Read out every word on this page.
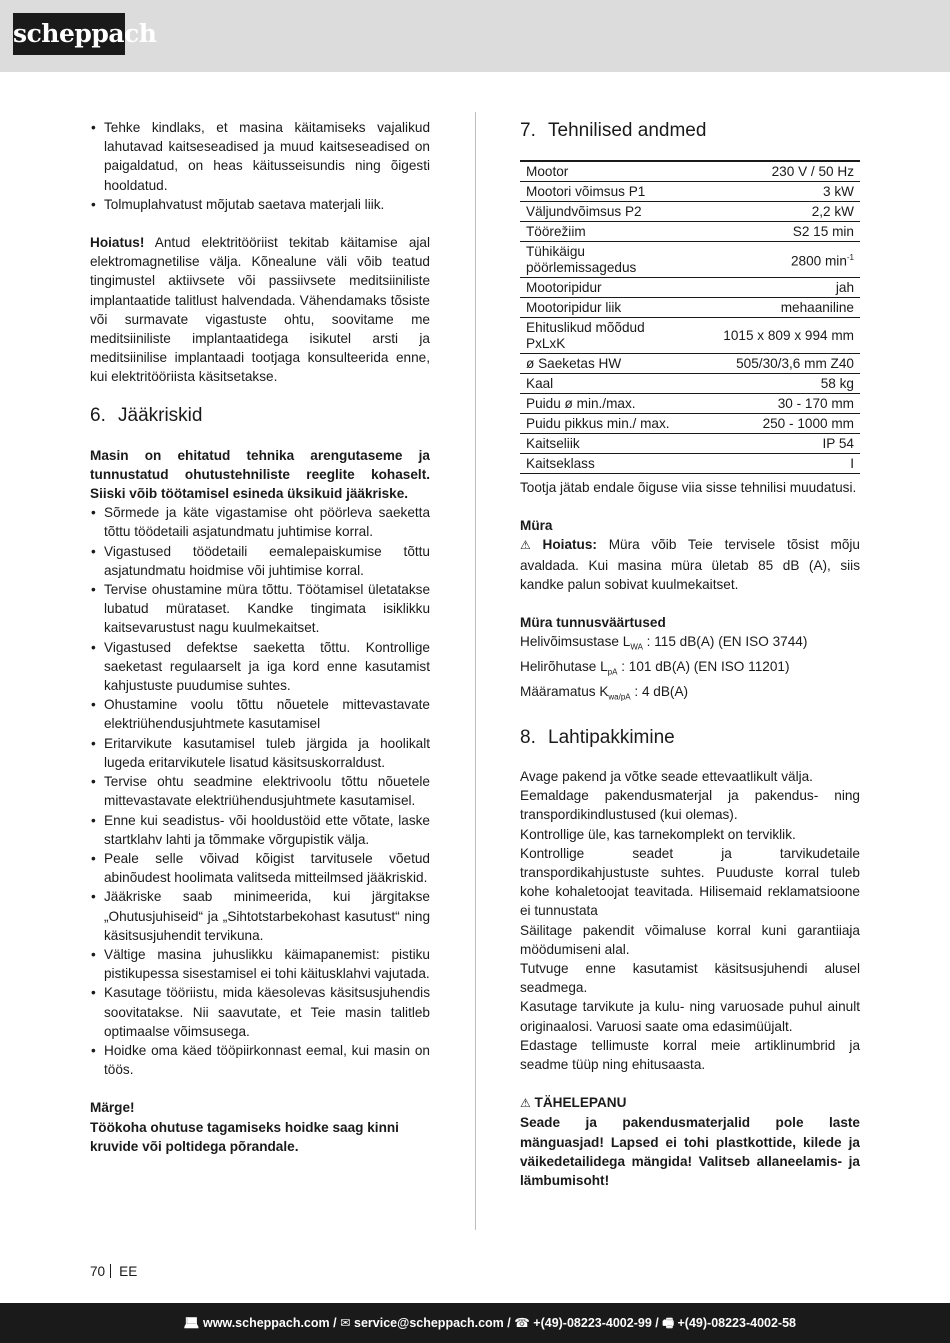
scheppach
• Tehke kindlaks, et masina käitamiseks vajalikud lahutavad kaitseseadised ja muud kaitseseadised on paigaldatud, on heas käitusseisundis ning õigesti hooldatud.
• Tolmuplahvatust mõjutab saetava materjali liik.

Hoiatus! Antud elektritööriist tekitab käitamise ajal elektromagnetilise välja. Kõnealune väli võib teatud tingimustel aktiivsete või passiivsete meditsiiniliste implantaatide talitlust halvendada. Vähendamaks tõsiste või surmavate vigastuste ohtu, soovitame me meditsiiniliste implantaatidega isikutel arsti ja meditsiinilise implantaadi tootjaga konsulteerida enne, kui elektritööriista käsitsetakse.

6. Jääkriskid

Masin on ehitatud tehnika arengutaseme ja tunnustatud ohutustehniliste reeglite kohaselt. Siiski võib töötamisel esineda üksikuid jääkriske.

• Sõrmede ja käte vigastamise oht pöörleva saeketta tõttu töödetaili asjatundmatu juhtimise korral.
• Vigastused töödetaili eemalepaiskumise tõttu asjatundmatu hoidmise või juhtimise korral.
• Tervise ohustamine müra tõttu. Töötamisel ületatakse lubatud mürataset. Kandke tingimata isiklikku kaitsevarustust nagu kuulmekaitset.
• Vigastused defektse saeketta tõttu. Kontrollige saeketast regulaarselt ja iga kord enne kasutamist kahjustuste puudumise suhtes.
• Ohustamine voolu tõttu nõuetele mittevastavate elektriühendusjuhtmete kasutamisel
• Eritarvikute kasutamisel tuleb järgida ja hoolikalt lugeda eritarvikutele lisatud käsitsuskorraldust.
• Tervise ohtu seadmine elektrivoolu tõttu nõuetele mittevastavate elektriühendusjuhtmete kasutamisel.
• Enne kui seadistus- või hooldustöid ette võtate, laske startklahv lahti ja tõmmake võrgupistik välja.
• Peale selle võivad kõigist tarvitusele võetud abinõudest hoolimata valitseda mitteilmsed jääkriskid.
• Jääkriske saab minimeerida, kui järgitakse „Ohutusjuhiseid“ ja „Sihtotstarbekohast kasutust“ ning käsitsusjuhendit tervikuna.
• Vältige masina juhuslikku käimapanemist: pistiku pistikupessa sisestamisel ei tohi käitusklahvi vajutada.
• Kasutage tööriistu, mida käesolevas käsitsusjuhendis soovitatakse. Nii saavutate, et Teie masin talitleb optimaalse võimsusega.
• Hoidke oma käed tööpiirkonnast eemal, kui masin on töös.

Märge!

Töökoha ohutuse tagamiseks hoidke saag kinni kruvide või poltidega põrandale.

7. Tehnilised andmed
Mootor	230 V / 50 Hz
Mootori võimsus P1	3 kW
Väljundvõimsus P2	2,2 kW
Töörežiim	S2 15 min
Tühikäigu pöörlemissagedus	2800 $\min^{-1}$
Mootoripidur	jah
Mootoripidur liik	mehaaniline
Ehituslikud mõõdud PxLxK	1015 x 809 x 994 mm
ø Saeketas HW	505/30/3,6 mm Z40
Kaal	58 kg
Puidu ø min./max.	30 - 170 mm
Puidu pikkus min./ max.	250 - 1000 mm
Kaitseliik	IP 54
Kaitseklass	I

Tootja jätab endale õiguse viia sisse tehnilisi muudatusi.

Müra

⚠ Hoiatus: Müra võib Teie tervisele tõsist mõju avaldada. Kui masina müra ületab 85 dB (A), siis kandke palun sobivat kuulmekaitset.

Müra tunnusväärtused

Helivõimsustase $L_{WA}$ : 115 dB(A) (EN ISO 3744)

Helirõhutase $L_{pA}$ : 101 dB(A) (EN ISO 11201)

Määramatus $K_{wa/pA}$ : 4 dB(A)

8. Lahtipakkimine

Avage pakend ja võtke seade ettevaatlikult välja.

Eemaldage pakendusmaterjal ja pakendus- ning transpordikindlustused (kui olemas).

Kontrollige üle, kas tarnekomplekt on terviklik.

Kontrollige seadet ja tarvikudetaile transpordikahjustuste suhtes. Puuduste korral tuleb kohe kohaletoojat teavitada. Hilisemaid reklamatsioone ei tunnustata

Säilitage pakendit võimaluse korral kuni garantiiaja möödumiseni alal.

Tutvuge enne kasutamist käsitsusjuhendi alusel seadmega.

Kasutage tarvikute ja kulu- ning varuosade puhul ainult originaalosi. Varuosi saate oma edasimüüjalt.

Edastage tellimuste korral meie artiklinumbrid ja seadme tüüp ning ehitusaasta.

⚠ TÄHELEPANU

Seade ja pakendusmaterjalid pole laste mänguasjad! Lapsed ei tohi plastkottide, kilede ja väikedetailidega mängida! Valitseb allaneelamis- ja lämbumisoht!

70 EE
💻︎ www.scheppach.com / ✉︎ service@scheppach.com / ☎︎ +(49)-08223-4002-99 / 🖷︎ +(49)-08223-4002-58
